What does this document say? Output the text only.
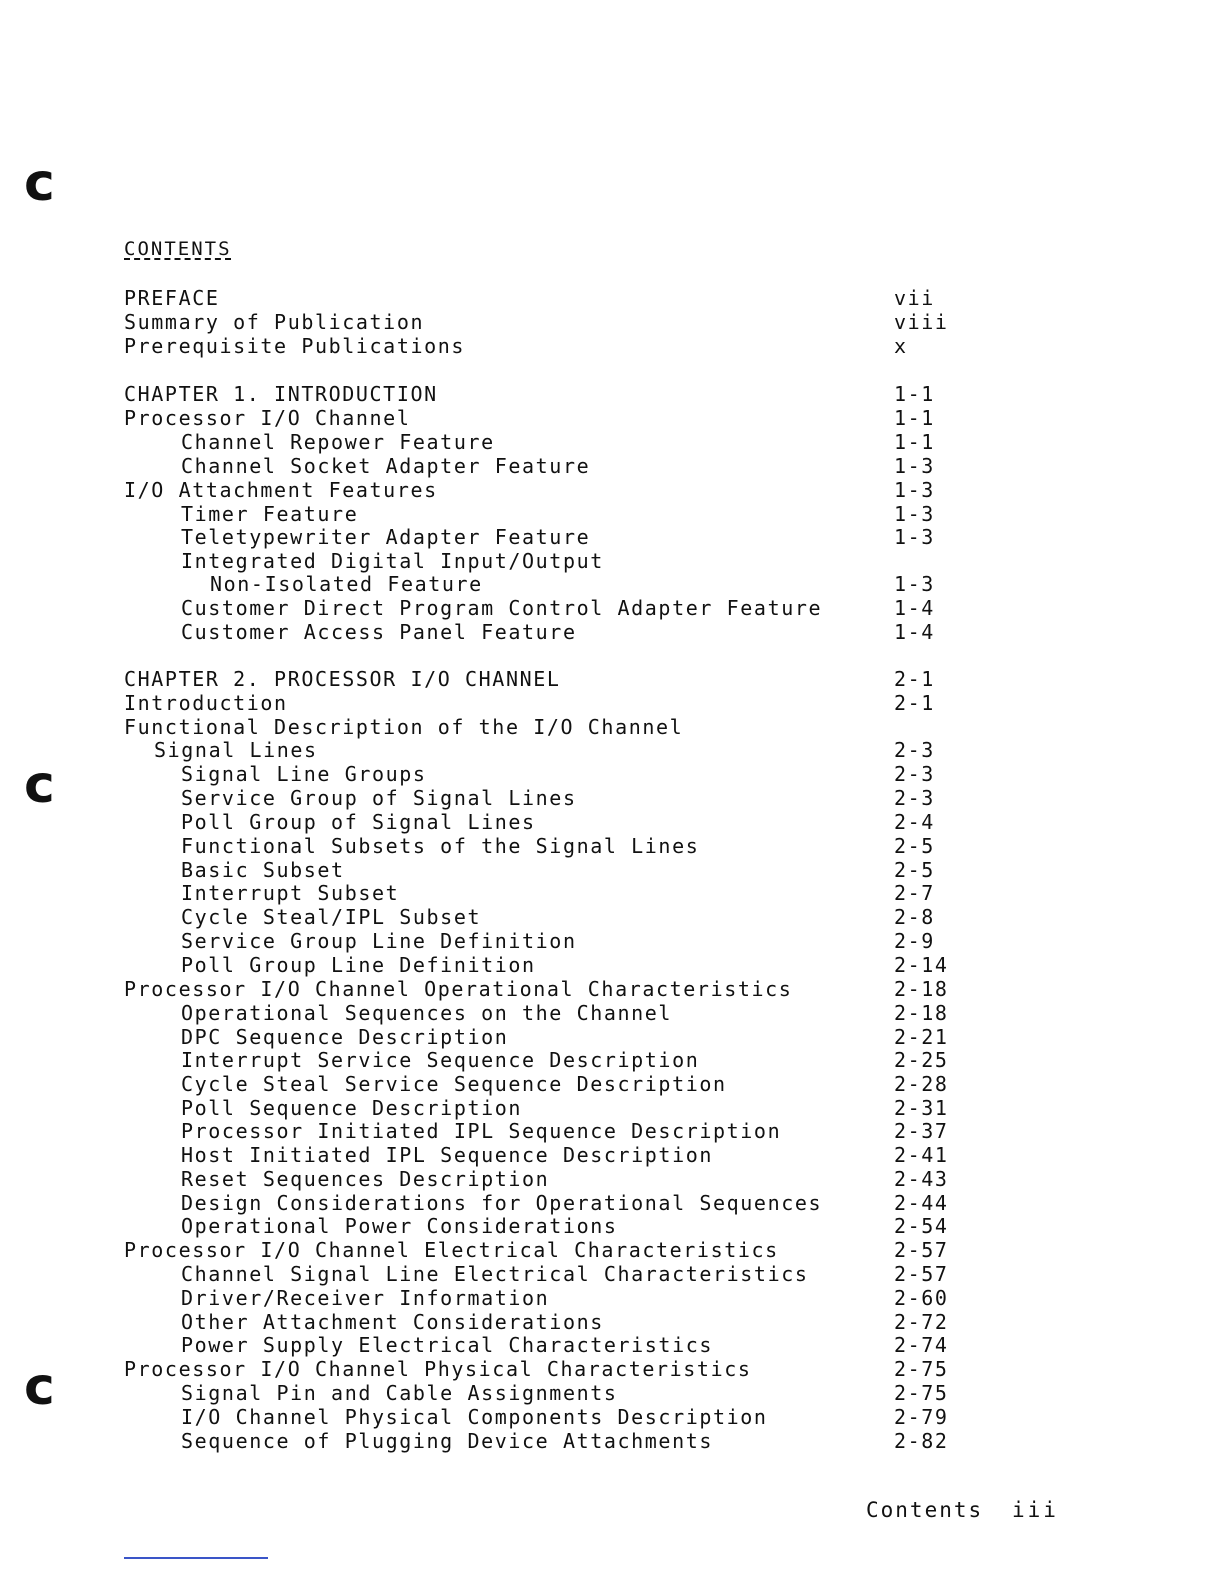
c
c
c
CONTENTS
PREFACE	vii
Summary of Publication	viii
Prerequisite Publications	x
CHAPTER 1. INTRODUCTION	1-1
Processor I/O Channel	1-1
Channel Repower Feature	1-1
Channel Socket Adapter Feature	1-3
I/O Attachment Features	1-3
Timer Feature	1-3
Teletypewriter Adapter Feature	1-3
Integrated Digital Input/Output
Non-Isolated Feature	1-3
Customer Direct Program Control Adapter Feature	1-4
Customer Access Panel Feature	1-4
CHAPTER 2. PROCESSOR I/O CHANNEL	2-1
Introduction	2-1
Functional Description of the I/O Channel
Signal Lines	2-3
Signal Line Groups	2-3
Service Group of Signal Lines	2-3
Poll Group of Signal Lines	2-4
Functional Subsets of the Signal Lines	2-5
Basic Subset	2-5
Interrupt Subset	2-7
Cycle Steal/IPL Subset	2-8
Service Group Line Definition	2-9
Poll Group Line Definition	2-14
Processor I/O Channel Operational Characteristics	2-18
Operational Sequences on the Channel	2-18
DPC Sequence Description	2-21
Interrupt Service Sequence Description	2-25
Cycle Steal Service Sequence Description	2-28
Poll Sequence Description	2-31
Processor Initiated IPL Sequence Description	2-37
Host Initiated IPL Sequence Description	2-41
Reset Sequences Description	2-43
Design Considerations for Operational Sequences	2-44
Operational Power Considerations	2-54
Processor I/O Channel Electrical Characteristics	2-57
Channel Signal Line Electrical Characteristics	2-57
Driver/Receiver Information	2-60
Other Attachment Considerations	2-72
Power Supply Electrical Characteristics	2-74
Processor I/O Channel Physical Characteristics	2-75
Signal Pin and Cable Assignments	2-75
I/O Channel Physical Components Description	2-79
Sequence of Plugging Device Attachments	2-82
Contents iii
